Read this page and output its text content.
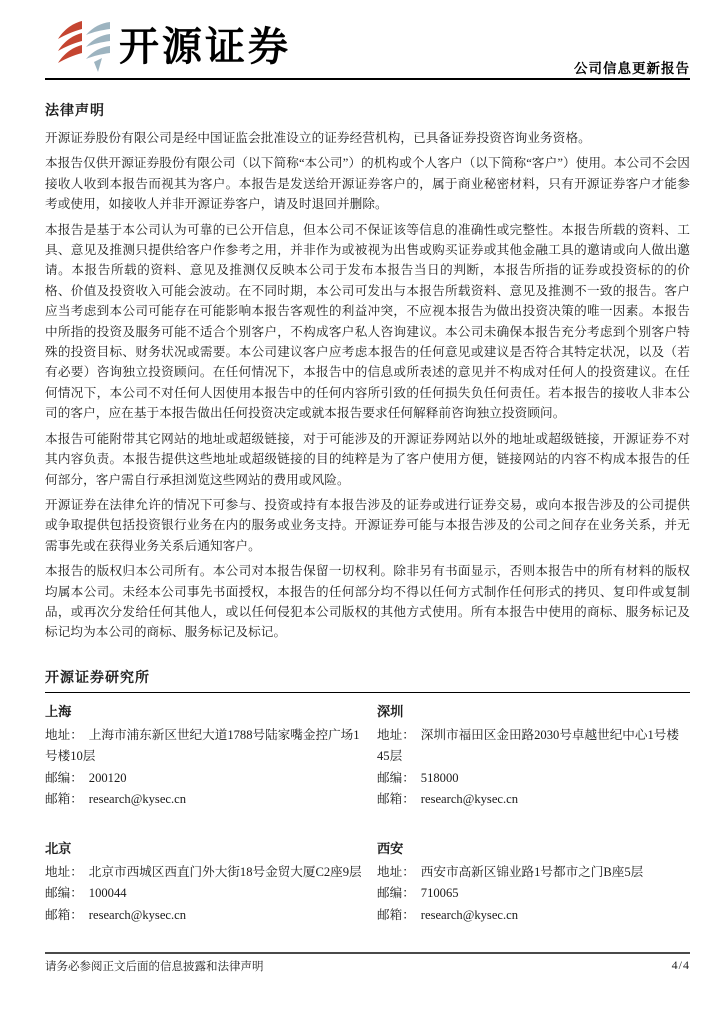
开源证券	公司信息更新报告
法律声明

开源证券股份有限公司是经中国证监会批准设立的证券经营机构，已具备证券投资咨询业务资格。

本报告仅供开源证券股份有限公司（以下简称“本公司”）的机构或个人客户（以下简称“客户”）使用。本公司不会因接收人收到本报告而视其为客户。本报告是发送给开源证券客户的，属于商业秘密材料，只有开源证券客户才能参考或使用，如接收人并非开源证券客户，请及时退回并删除。

本报告是基于本公司认为可靠的已公开信息，但本公司不保证该等信息的准确性或完整性。本报告所载的资料、工具、意见及推测只提供给客户作参考之用，并非作为或被视为出售或购买证券或其他金融工具的邀请或向人做出邀请。本报告所载的资料、意见及推测仅反映本公司于发布本报告当日的判断，本报告所指的证券或投资标的的价格、价值及投资收入可能会波动。在不同时期，本公司可发出与本报告所载资料、意见及推测不一致的报告。客户应当考虑到本公司可能存在可能影响本报告客观性的利益冲突，不应视本报告为做出投资决策的唯一因素。本报告中所指的投资及服务可能不适合个别客户，不构成客户私人咨询建议。本公司未确保本报告充分考虑到个别客户特殊的投资目标、财务状况或需要。本公司建议客户应考虑本报告的任何意见或建议是否符合其特定状况，以及（若有必要）咨询独立投资顾问。在任何情况下，本报告中的信息或所表述的意见并不构成对任何人的投资建议。在任何情况下，本公司不对任何人因使用本报告中的任何内容所引致的任何损失负任何责任。若本报告的接收人非本公司的客户，应在基于本报告做出任何投资决定或就本报告要求任何解释前咨询独立投资顾问。

本报告可能附带其它网站的地址或超级链接，对于可能涉及的开源证券网站以外的地址或超级链接，开源证券不对其内容负责。本报告提供这些地址或超级链接的目的纯粹是为了客户使用方便，链接网站的内容不构成本报告的任何部分，客户需自行承担浏览这些网站的费用或风险。

开源证券在法律允许的情况下可参与、投资或持有本报告涉及的证券或进行证券交易，或向本报告涉及的公司提供或争取提供包括投资银行业务在内的服务或业务支持。开源证券可能与本报告涉及的公司之间存在业务关系，并无需事先或在获得业务关系后通知客户。

本报告的版权归本公司所有。本公司对本报告保留一切权利。除非另有书面显示，否则本报告中的所有材料的版权均属本公司。未经本公司事先书面授权，本报告的任何部分均不得以任何方式制作任何形式的拷贝、复印件或复制品，或再次分发给任何其他人，或以任何侵犯本公司版权的其他方式使用。所有本报告中使用的商标、服务标记及标记均为本公司的商标、服务标记及标记。

开源证券研究所
上海
地址： 上海市浦东新区世纪大道1788号陆家嘴金控广场1号楼10层
邮编： 200120
邮箱： research@kysec.cn
深圳
地址： 深圳市福田区金田路2030号卓越世纪中心1号楼45层
邮编： 518000
邮箱： research@kysec.cn
北京
地址： 北京市西城区西直门外大街18号金贸大厦C2座9层
邮编： 100044
邮箱： research@kysec.cn
西安
地址： 西安市高新区锦业路1号都市之门B座5层
邮编： 710065
邮箱： research@kysec.cn
请务必参阅正文后面的信息披露和法律声明	4/4
